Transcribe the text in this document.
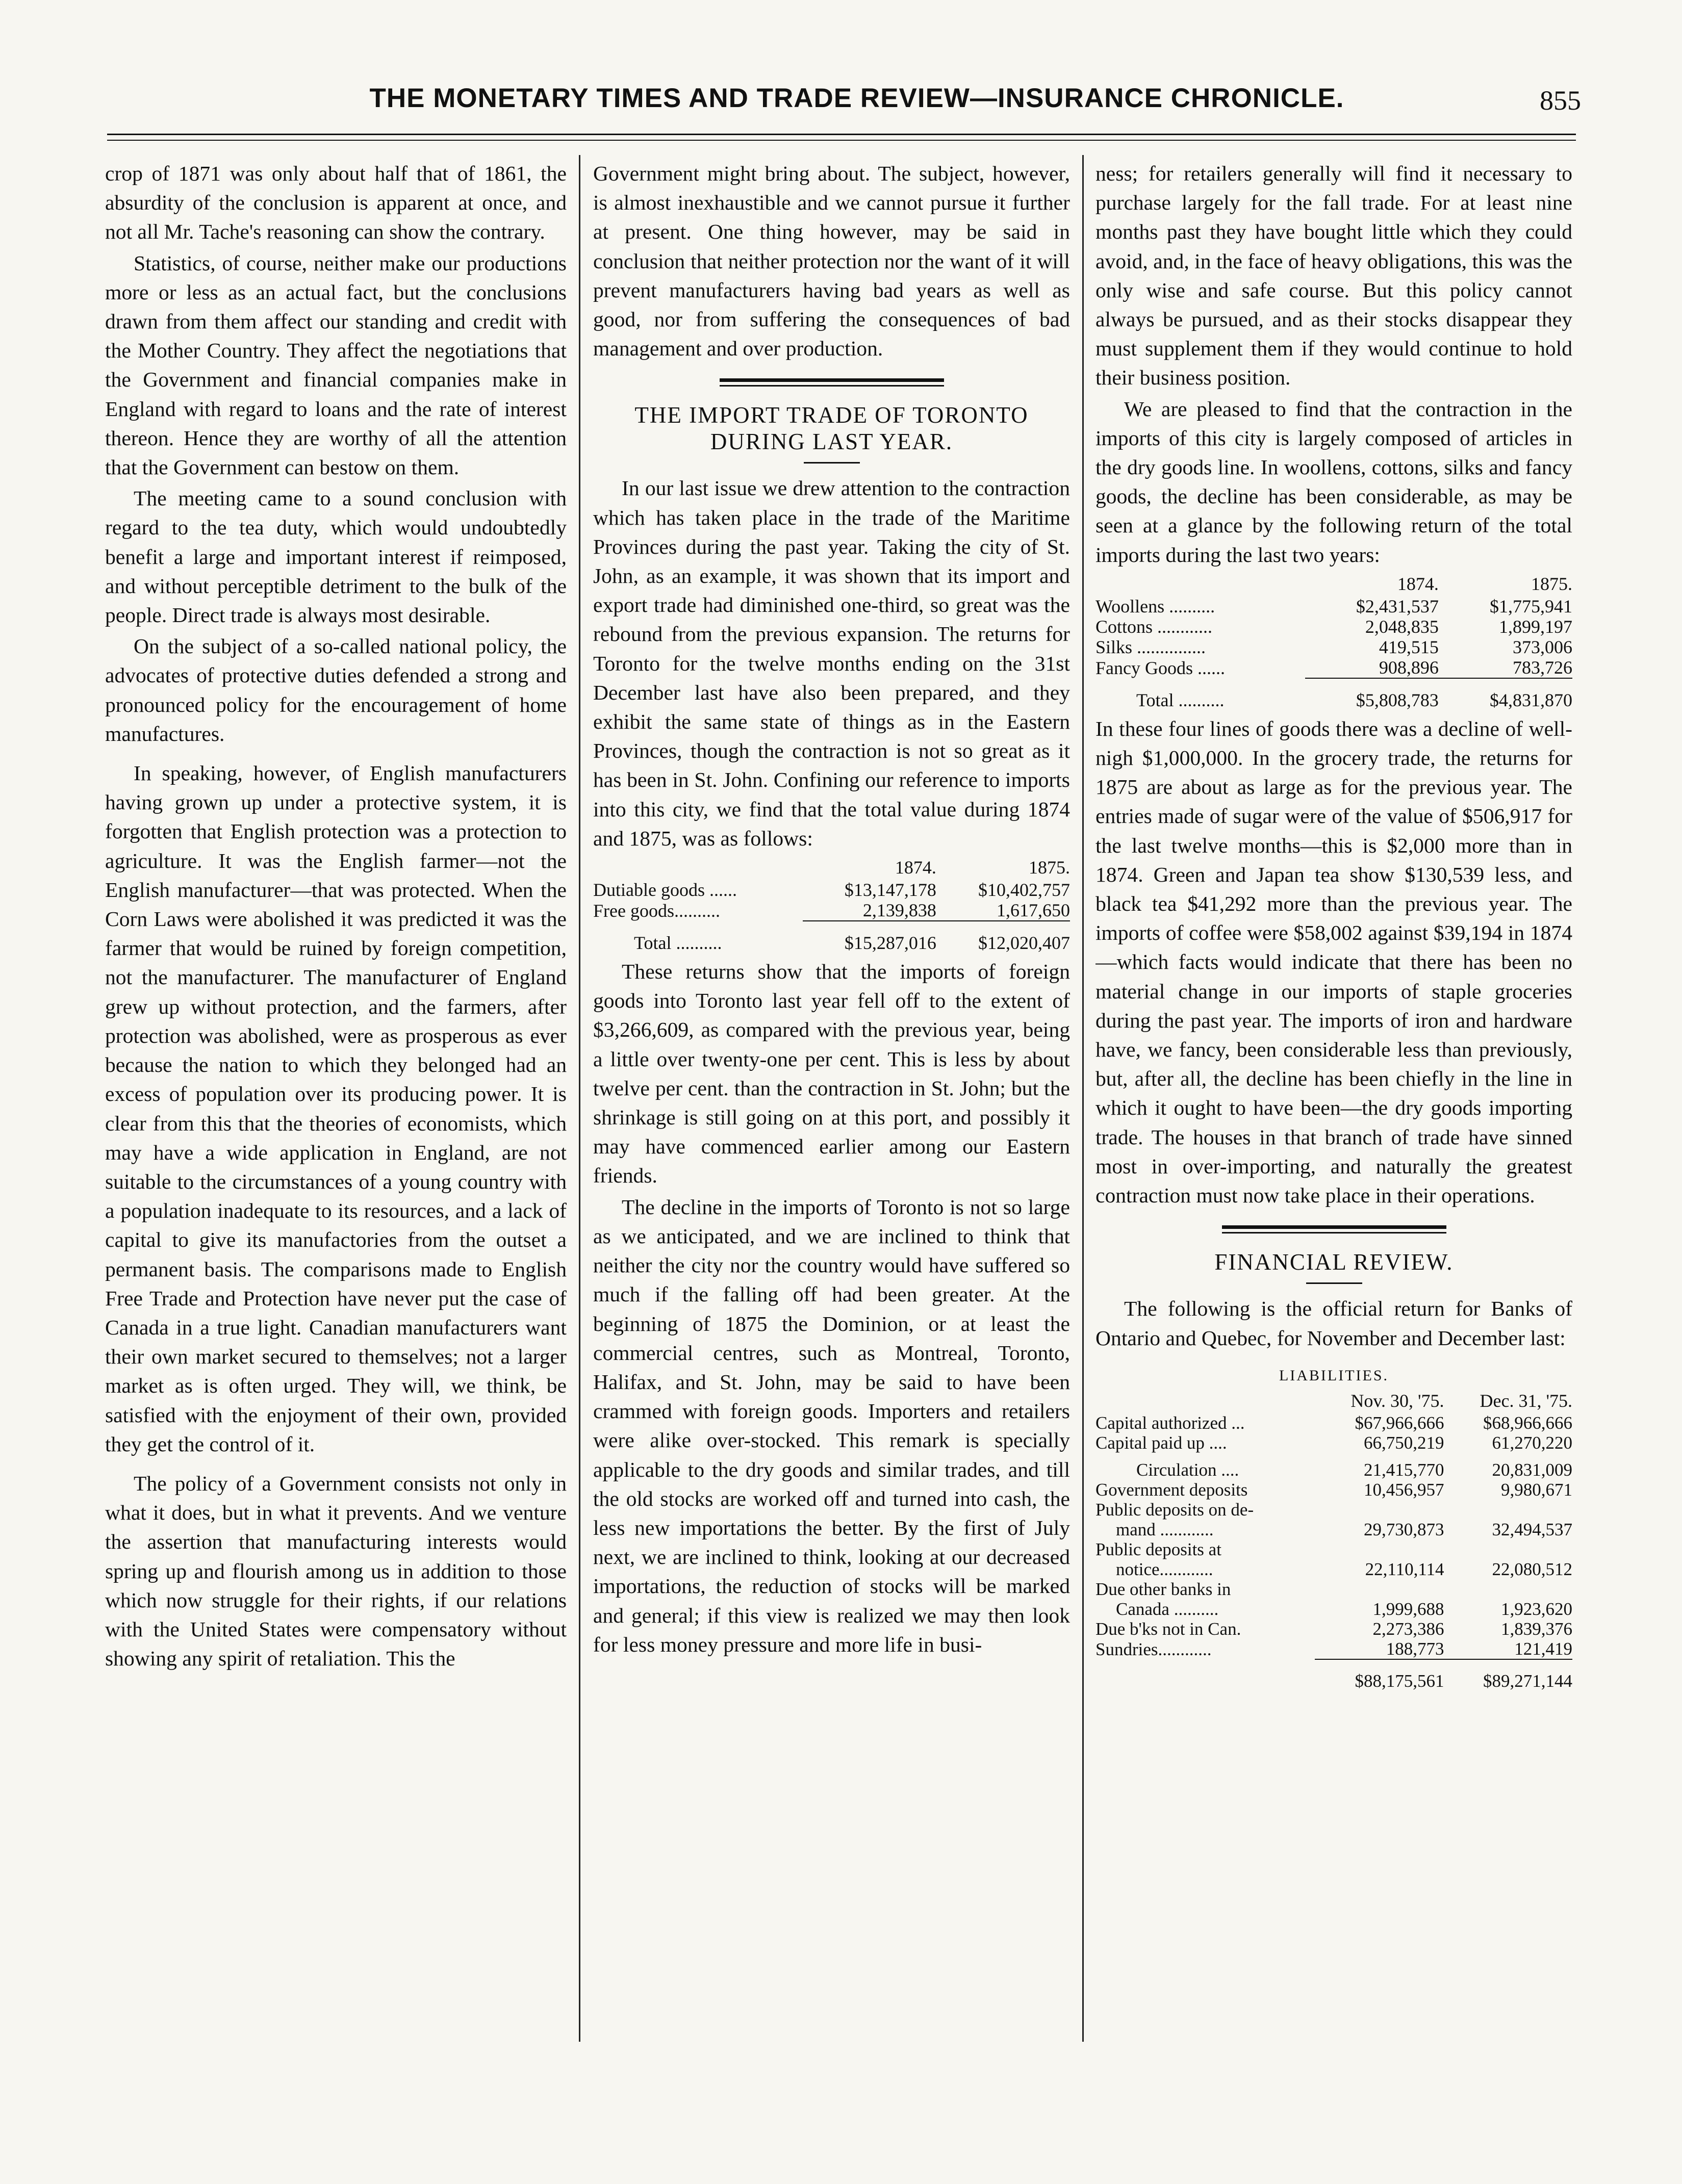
THE MONETARY TIMES AND TRADE REVIEW—INSURANCE CHRONICLE.	855

crop of 1871 was only about half that of 1861, the absurdity of the conclusion is apparent at once, and not all Mr. Tache's reasoning can show the contrary.

Statistics, of course, neither make our productions more or less as an actual fact, but the conclusions drawn from them affect our standing and credit with the Mother Country. They affect the negotiations that the Government and financial companies make in England with regard to loans and the rate of interest thereon. Hence they are worthy of all the attention that the Government can bestow on them.

The meeting came to a sound conclusion with regard to the tea duty, which would undoubtedly benefit a large and important interest if reimposed, and without perceptible detriment to the bulk of the people. Direct trade is always most desirable.

On the subject of a so-called national policy, the advocates of protective duties defended a strong and pronounced policy for the encouragement of home manufactures.

In speaking, however, of English manufacturers having grown up under a protective system, it is forgotten that English protection was a protection to agriculture. It was the English farmer—not the English manufacturer—that was protected. When the Corn Laws were abolished it was predicted it was the farmer that would be ruined by foreign competition, not the manufacturer. The manufacturer of England grew up without protection, and the farmers, after protection was abolished, were as prosperous as ever because the nation to which they belonged had an excess of population over its producing power. It is clear from this that the theories of economists, which may have a wide application in England, are not suitable to the circumstances of a young country with a population inadequate to its resources, and a lack of capital to give its manufactories from the outset a permanent basis. The comparisons made to English Free Trade and Protection have never put the case of Canada in a true light. Canadian manufacturers want their own market secured to themselves; not a larger market as is often urged. They will, we think, be satisfied with the enjoyment of their own, provided they get the control of it.

The policy of a Government consists not only in what it does, but in what it prevents. And we venture the assertion that manufacturing interests would spring up and flourish among us in addition to those which now struggle for their rights, if our relations with the United States were compensatory without showing any spirit of retaliation. This the

Government might bring about. The subject, however, is almost inexhaustible and we cannot pursue it further at present. One thing however, may be said in conclusion that neither protection nor the want of it will prevent manufacturers having bad years as well as good, nor from suffering the consequences of bad management and over production.

THE IMPORT TRADE OF TORONTO DURING LAST YEAR.

In our last issue we drew attention to the contraction which has taken place in the trade of the Maritime Provinces during the past year. Taking the city of St. John, as an example, it was shown that its import and export trade had diminished one-third, so great was the rebound from the previous expansion. The returns for Toronto for the twelve months ending on the 31st December last have also been prepared, and they exhibit the same state of things as in the Eastern Provinces, though the contraction is not so great as it has been in St. John. Confining our reference to imports into this city, we find that the total value during 1874 and 1875, was as follows:

	1874.	1875.
Dutiable goods ......	$13,147,178	$10,402,757
Free goods..........	2,139,838	1,617,650
Total ..........	$15,287,016	$12,020,407

These returns show that the imports of foreign goods into Toronto last year fell off to the extent of $3,266,609, as compared with the previous year, being a little over twenty-one per cent. This is less by about twelve per cent. than the contraction in St. John; but the shrinkage is still going on at this port, and possibly it may have commenced earlier among our Eastern friends.

The decline in the imports of Toronto is not so large as we anticipated, and we are inclined to think that neither the city nor the country would have suffered so much if the falling off had been greater. At the beginning of 1875 the Dominion, or at least the commercial centres, such as Montreal, Toronto, Halifax, and St. John, may be said to have been crammed with foreign goods. Importers and retailers were alike over-stocked. This remark is specially applicable to the dry goods and similar trades, and till the old stocks are worked off and turned into cash, the less new importations the better. By the first of July next, we are inclined to think, looking at our decreased importations, the reduction of stocks will be marked and general; if this view is realized we may then look for less money pressure and more life in busi-

ness; for retailers generally will find it necessary to purchase largely for the fall trade. For at least nine months past they have bought little which they could avoid, and, in the face of heavy obligations, this was the only wise and safe course. But this policy cannot always be pursued, and as their stocks disappear they must supplement them if they would continue to hold their business position.

We are pleased to find that the contraction in the imports of this city is largely composed of articles in the dry goods line. In woollens, cottons, silks and fancy goods, the decline has been considerable, as may be seen at a glance by the following return of the total imports during the last two years:

	1874.	1875.
Woollens ..........	$2,431,537	$1,775,941
Cottons ............	2,048,835	1,899,197
Silks ...............	419,515	373,006
Fancy Goods ......	908,896	783,726
Total ..........	$5,808,783	$4,831,870

In these four lines of goods there was a decline of well-nigh $1,000,000. In the grocery trade, the returns for 1875 are about as large as for the previous year. The entries made of sugar were of the value of $506,917 for the last twelve months—this is $2,000 more than in 1874. Green and Japan tea show $130,539 less, and black tea $41,292 more than the previous year. The imports of coffee were $58,002 against $39,194 in 1874—which facts would indicate that there has been no material change in our imports of staple groceries during the past year. The imports of iron and hardware have, we fancy, been considerable less than previously, but, after all, the decline has been chiefly in the line in which it ought to have been—the dry goods importing trade. The houses in that branch of trade have sinned most in over-importing, and naturally the greatest contraction must now take place in their operations.

FINANCIAL REVIEW.

The following is the official return for Banks of Ontario and Quebec, for November and December last:

LIABILITIES.
	Nov. 30, '75.	Dec. 31, '75.
Capital authorized ...	$67,966,666	$68,966,666
Capital paid up ....	66,750,219	61,270,220

Circulation ....	21,415,770	20,831,009
Government deposits	10,456,957	9,980,671
Public deposits on de-		
mand ............	29,730,873	32,494,537
Public deposits at		
notice............	22,110,114	22,080,512
Due other banks in		
Canada ..........	1,999,688	1,923,620
Due b'ks not in Can.	2,273,386	1,839,376
Sundries............	188,773	121,419
	$88,175,561	$89,271,144
